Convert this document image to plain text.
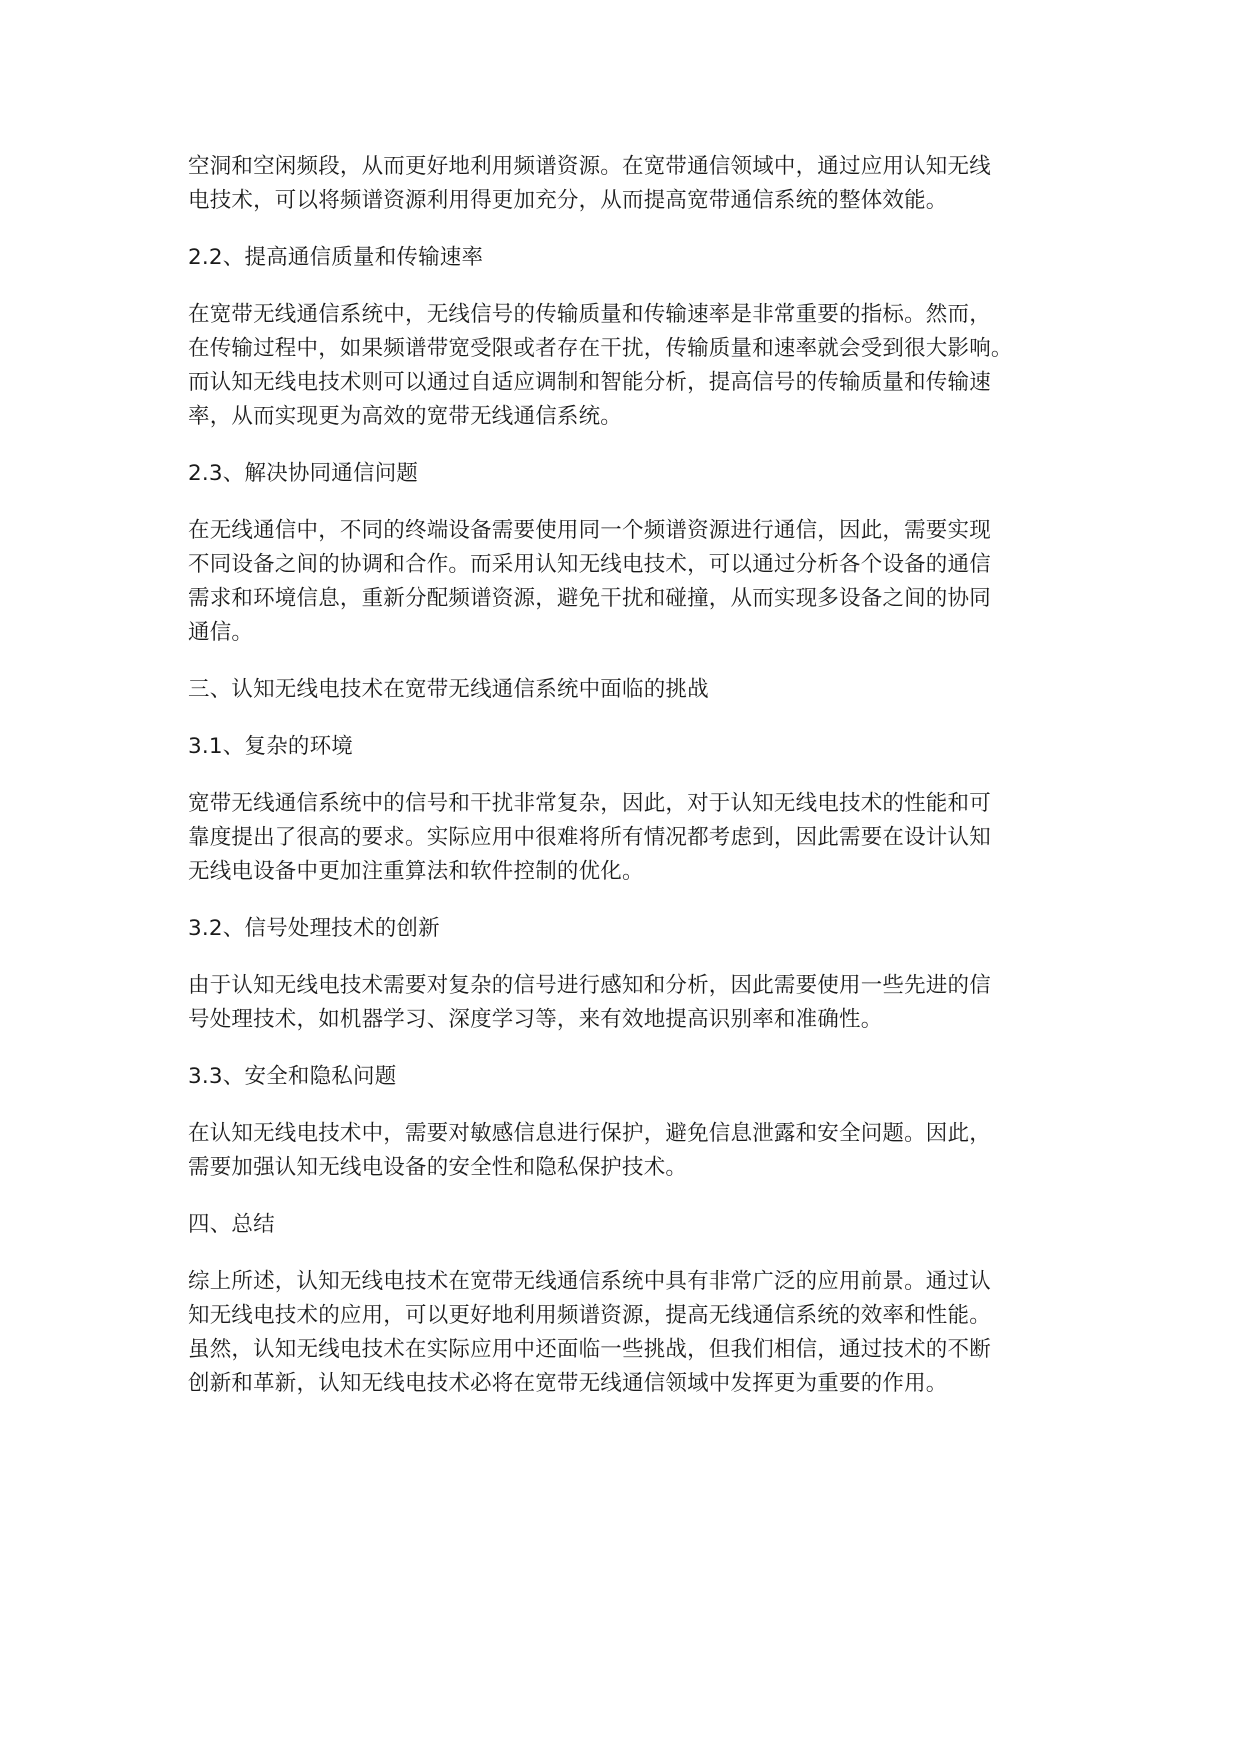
空洞和空闲频段，从而更好地利用频谱资源。在宽带通信领域中，通过应用认知无线
电技术，可以将频谱资源利用得更加充分，从而提高宽带通信系统的整体效能。
2.2、提高通信质量和传输速率
在宽带无线通信系统中，无线信号的传输质量和传输速率是非常重要的指标。然而，
在传输过程中，如果频谱带宽受限或者存在干扰，传输质量和速率就会受到很大影响。
而认知无线电技术则可以通过自适应调制和智能分析，提高信号的传输质量和传输速
率，从而实现更为高效的宽带无线通信系统。
2.3、解决协同通信问题
在无线通信中，不同的终端设备需要使用同一个频谱资源进行通信，因此，需要实现
不同设备之间的协调和合作。而采用认知无线电技术，可以通过分析各个设备的通信
需求和环境信息，重新分配频谱资源，避免干扰和碰撞，从而实现多设备之间的协同
通信。
三、认知无线电技术在宽带无线通信系统中面临的挑战
3.1、复杂的环境
宽带无线通信系统中的信号和干扰非常复杂，因此，对于认知无线电技术的性能和可
靠度提出了很高的要求。实际应用中很难将所有情况都考虑到，因此需要在设计认知
无线电设备中更加注重算法和软件控制的优化。
3.2、信号处理技术的创新
由于认知无线电技术需要对复杂的信号进行感知和分析，因此需要使用一些先进的信
号处理技术，如机器学习、深度学习等，来有效地提高识别率和准确性。
3.3、安全和隐私问题
在认知无线电技术中，需要对敏感信息进行保护，避免信息泄露和安全问题。因此，
需要加强认知无线电设备的安全性和隐私保护技术。
四、总结
综上所述，认知无线电技术在宽带无线通信系统中具有非常广泛的应用前景。通过认
知无线电技术的应用，可以更好地利用频谱资源，提高无线通信系统的效率和性能。
虽然，认知无线电技术在实际应用中还面临一些挑战，但我们相信，通过技术的不断
创新和革新，认知无线电技术必将在宽带无线通信领域中发挥更为重要的作用。
